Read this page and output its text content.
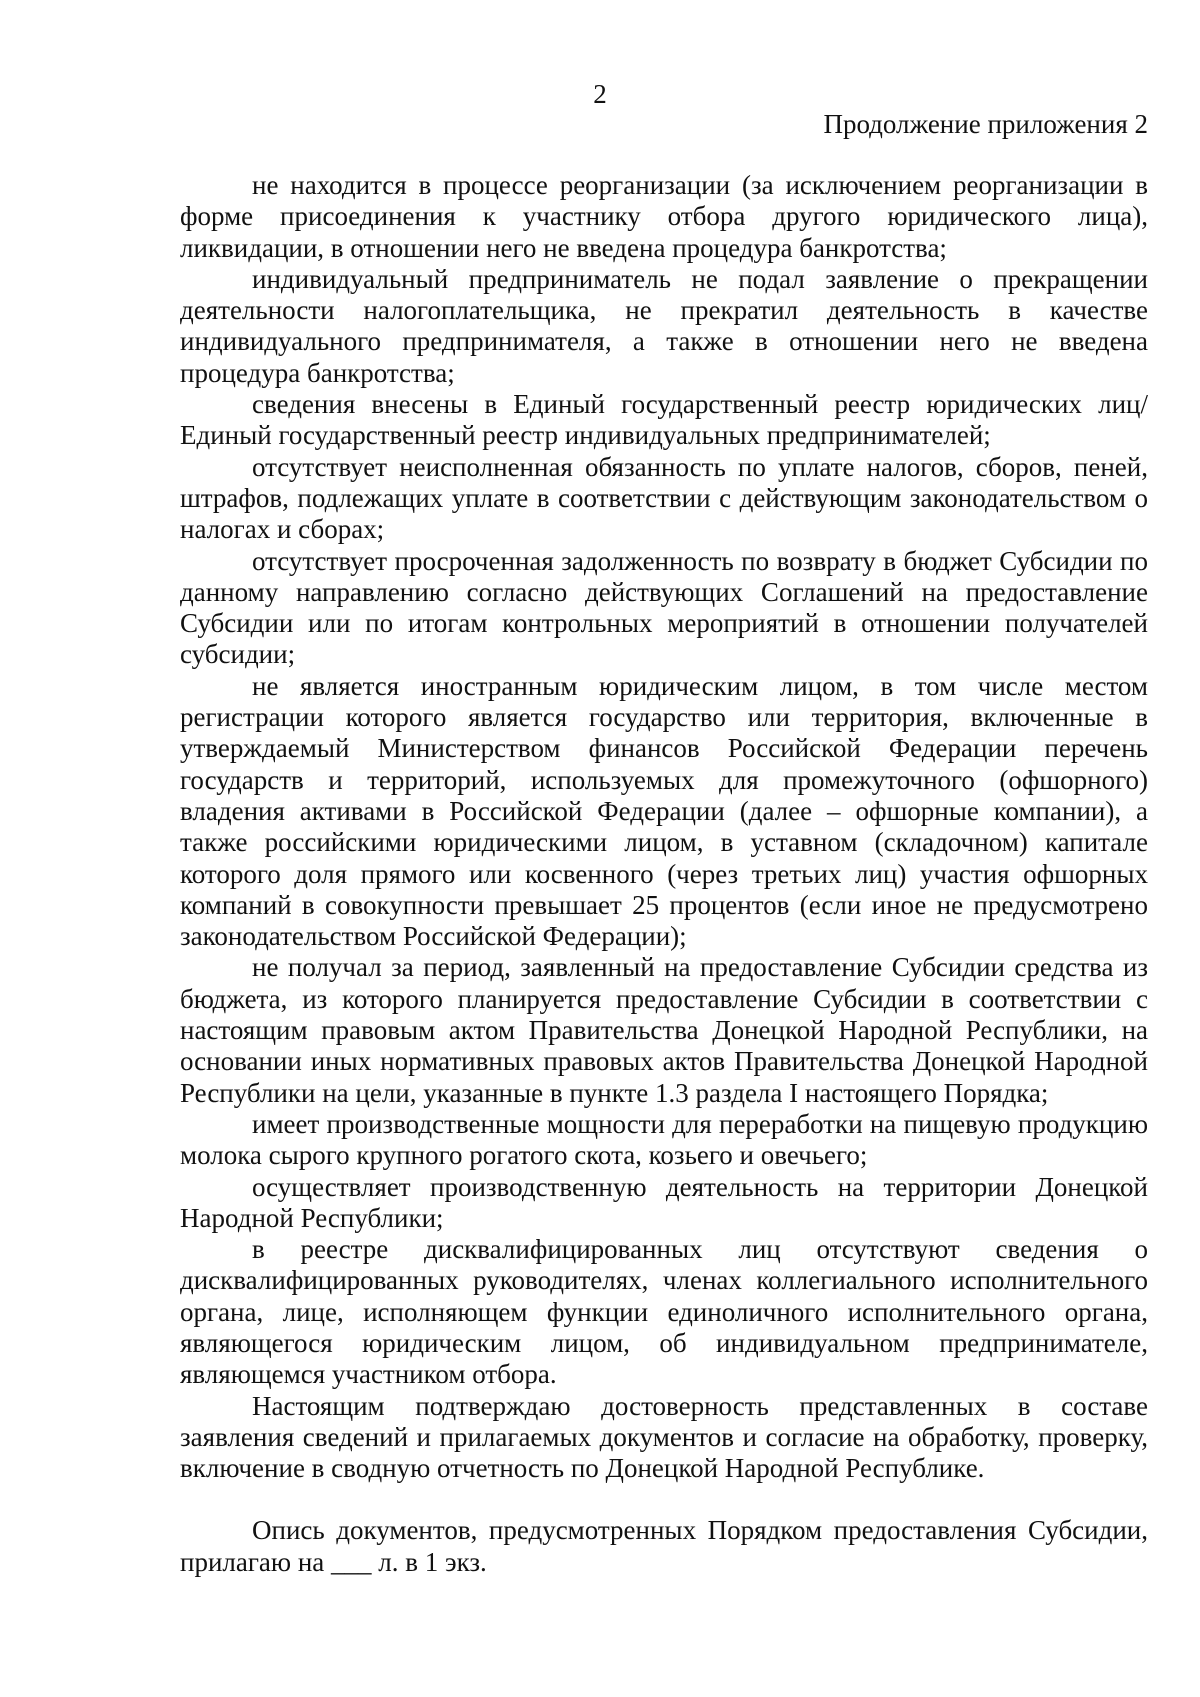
2
Продолжение приложения 2

не находится в процессе реорганизации (за исключением реорганизации в форме присоединения к участнику отбора другого юридического лица), ликвидации, в отношении него не введена процедура банкротства;

индивидуальный предприниматель не подал заявление о прекращении деятельности налогоплательщика, не прекратил деятельность в качестве индивидуального предпринимателя, а также в отношении него не введена процедура банкротства;

сведения внесены в Единый государственный реестр юридических лиц/ Единый государственный реестр индивидуальных предпринимателей;

отсутствует неисполненная обязанность по уплате налогов, сборов, пеней, штрафов, подлежащих уплате в соответствии с действующим законодательством о налогах и сборах;

отсутствует просроченная задолженность по возврату в бюджет Субсидии по данному направлению согласно действующих Соглашений на предоставление Субсидии или по итогам контрольных мероприятий в отношении получателей субсидии;

не является иностранным юридическим лицом, в том числе местом регистрации которого является государство или территория, включенные в утверждаемый Министерством финансов Российской Федерации перечень государств и территорий, используемых для промежуточного (офшорного) владения активами в Российской Федерации (далее – офшорные компании), а также российскими юридическими лицом, в уставном (складочном) капитале которого доля прямого или косвенного (через третьих лиц) участия офшорных компаний в совокупности превышает 25 процентов (если иное не предусмотрено законодательством Российской Федерации);

не получал за период, заявленный на предоставление Субсидии средства из бюджета, из которого планируется предоставление Субсидии в соответствии с настоящим правовым актом Правительства Донецкой Народной Республики, на основании иных нормативных правовых актов Правительства Донецкой Народной Республики на цели, указанные в пункте 1.3 раздела I настоящего Порядка;

имеет производственные мощности для переработки на пищевую продукцию молока сырого крупного рогатого скота, козьего и овечьего;

осуществляет производственную деятельность на территории Донецкой Народной Республики;

в реестре дисквалифицированных лиц отсутствуют сведения о дисквалифицированных руководителях, членах коллегиального исполнительного органа, лице, исполняющем функции единоличного исполнительного органа, являющегося юридическим лицом, об индивидуальном предпринимателе, являющемся участником отбора.

Настоящим подтверждаю достоверность представленных в составе заявления сведений и прилагаемых документов и согласие на обработку, проверку, включение в сводную отчетность по Донецкой Народной Республике.

Опись документов, предусмотренных Порядком предоставления Субсидии, прилагаю на ___ л. в 1 экз.
